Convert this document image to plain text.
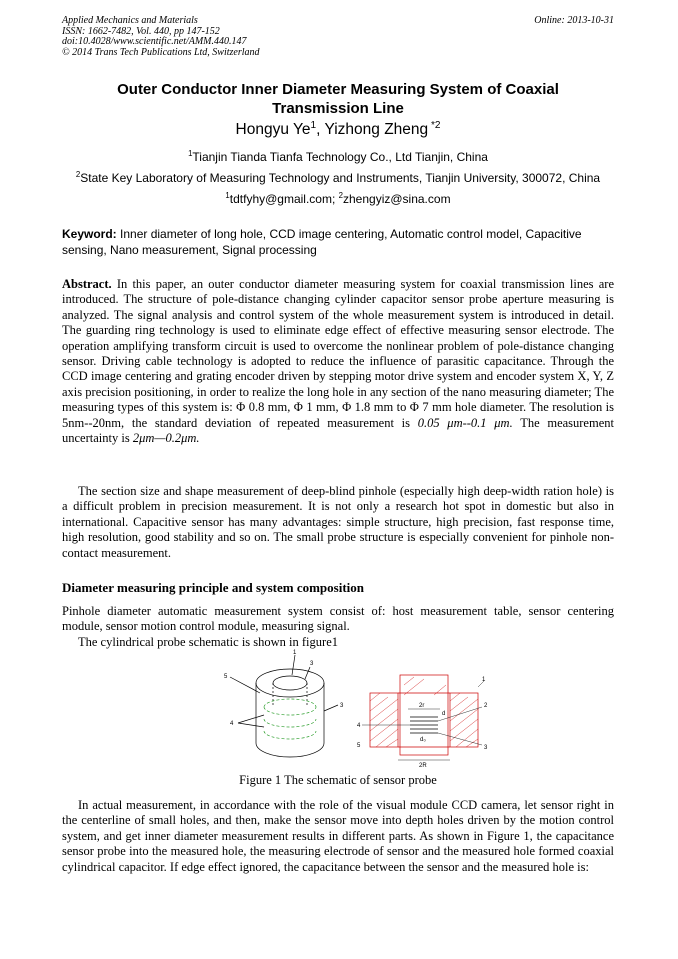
Applied Mechanics and Materials
ISSN: 1662-7482, Vol. 440, pp 147-152
doi:10.4028/www.scientific.net/AMM.440.147
© 2014 Trans Tech Publications Ltd, Switzerland
Online: 2013-10-31
Outer Conductor Inner Diameter Measuring System of Coaxial
Transmission Line
Hongyu Ye$^1$, Yizhong Zheng $^{*2}$
$^1$Tianjin Tianda Tianfa Technology Co., Ltd Tianjin, China
$^2$State Key Laboratory of Measuring Technology and Instruments, Tianjin University, 300072, China
$^1$tdtfyhy@gmail.com; $^2$zhengyiz@sina.com
Keyword: Inner diameter of long hole, CCD image centering, Automatic control model, Capacitive sensing, Nano measurement, Signal processing
Abstract. In this paper, an outer conductor diameter measuring system for coaxial transmission lines are introduced. The structure of pole-distance changing cylinder capacitor sensor probe aperture measuring is analyzed. The signal analysis and control system of the whole measurement system is introduced in detail. The guarding ring technology is used to eliminate edge effect of effective measuring sensor electrode. The operation amplifying transform circuit is used to overcome the nonlinear problem of pole-distance changing sensor. Driving cable technology is adopted to reduce the influence of parasitic capacitance. Through the CCD image centering and grating encoder driven by stepping motor drive system and encoder system X, Y, Z axis precision positioning, in order to realize the long hole in any section of the nano measuring diameter; The measuring types of this system is: Φ 0.8 mm, Φ 1 mm, Φ 1.8 mm to Φ 7 mm hole diameter. The resolution is 5nm--20nm, the standard deviation of repeated measurement is 0.05 μm--0.1 μm. The measurement uncertainty is 2μm—0.2μm.
The section size and shape measurement of deep-blind pinhole (especially high deep-width ration hole) is a difficult problem in precision measurement. It is not only a research hot spot in domestic but also in international. Capacitive sensor has many advantages: simple structure, high precision, fast response time, high resolution, good stability and so on. The small probe structure is especially convenient for pinhole non-contact measurement.
Diameter measuring principle and system composition
Pinhole diameter automatic measurement system consist of: host measurement table, sensor centering module, sensor motion control module, measuring signal.
The cylindrical probe schematic is shown in figure1
1
3
5
3
4
1
2
4
3
5
2r
2R
d
d₀
Figure 1 The schematic of sensor probe
In actual measurement, in accordance with the role of the visual module CCD camera, let sensor right in the centerline of small holes, and then, make the sensor move into depth holes driven by the motion control system, and get inner diameter measurement results in different parts. As shown in Figure 1, the capacitance sensor probe into the measured hole, the measuring electrode of sensor and the measured hole formed coaxial cylindrical capacitor. If edge effect ignored, the capacitance between the sensor and the measured hole is:
